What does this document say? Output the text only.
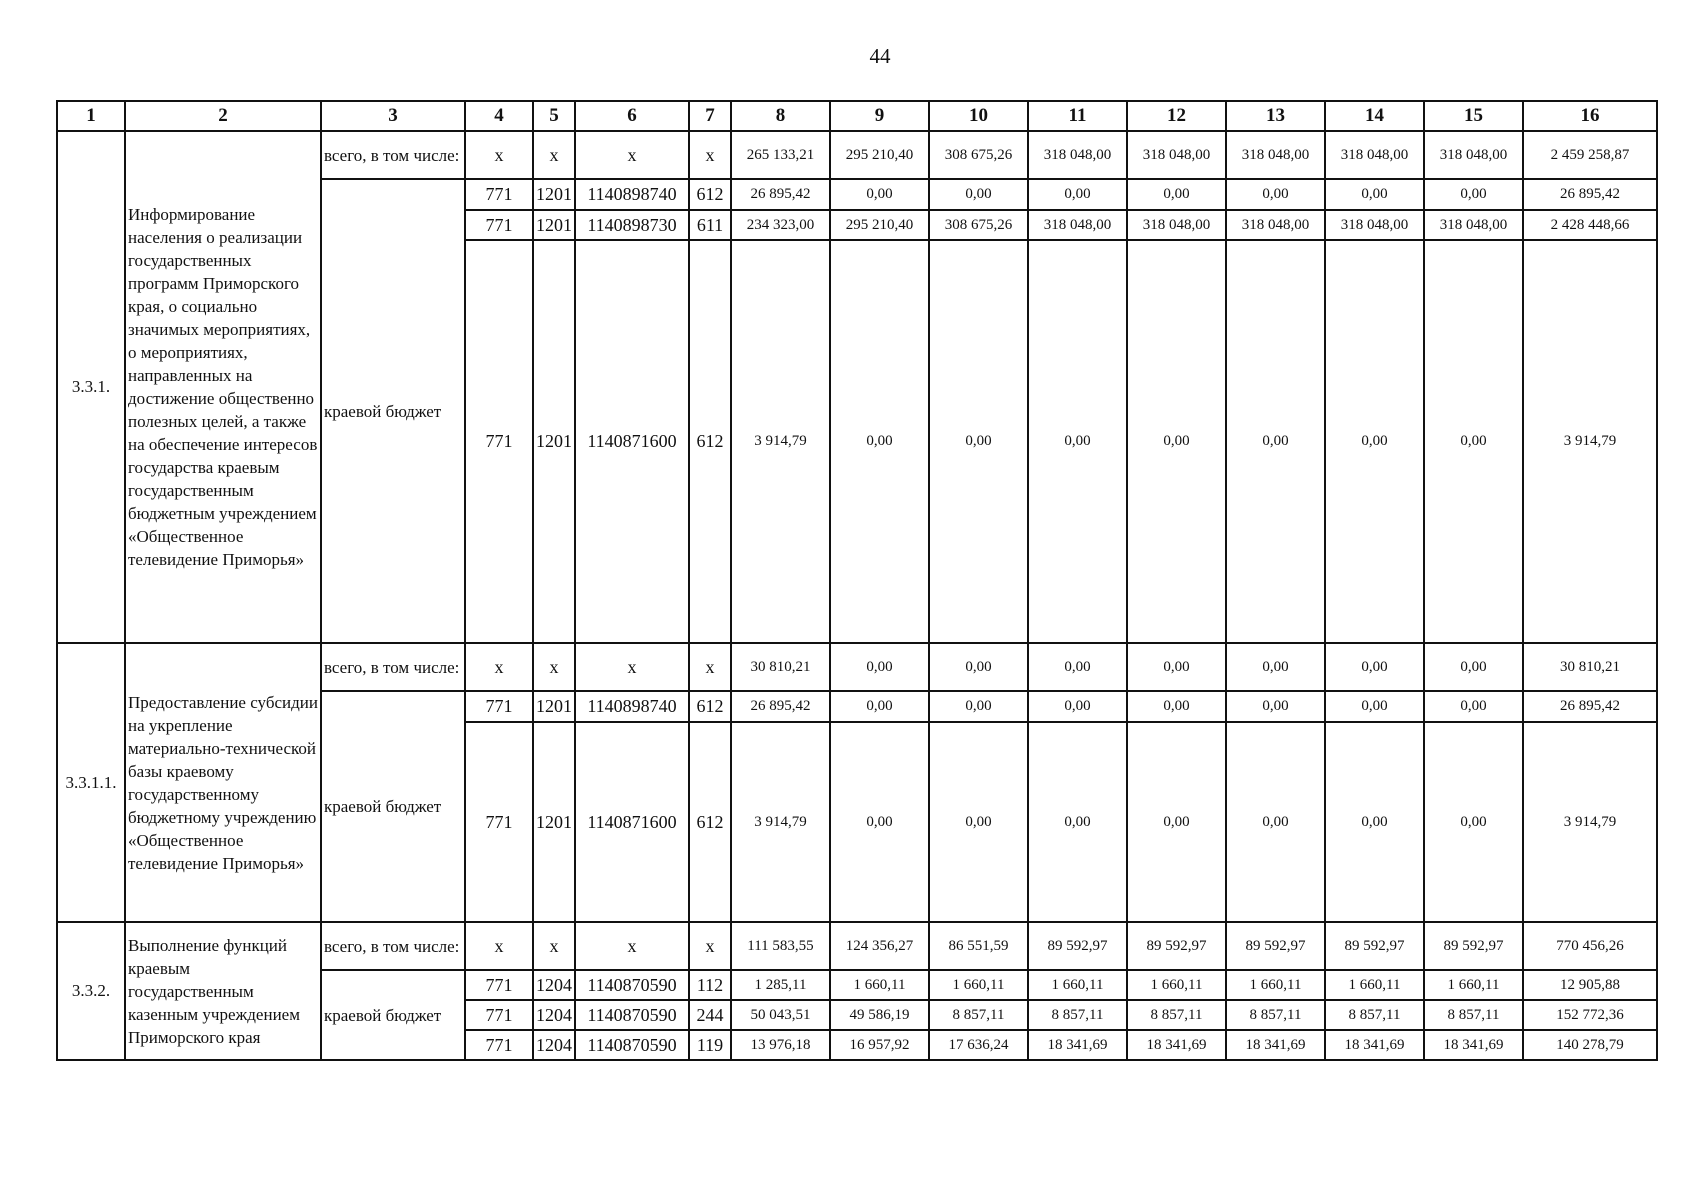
44
1	2	3	4	5	6	7	8	9	10	11	12	13	14	15	16
3.3.1.	Информирование населения о реализации государственных программ Приморского края, о социально значимых мероприятиях, о мероприятиях, направленных на достижение общественно полезных целей, а также на обеспечение интересов государства краевым государственным бюджетным учреждением «Общественное телевидение Приморья»	всего, в том числе:	x	x	x	x	265 133,21	295 210,40	308 675,26	318 048,00	318 048,00	318 048,00	318 048,00	318 048,00	2 459 258,87
		краевой бюджет	771	1201	1140898740	612	26 895,42	0,00	0,00	0,00	0,00	0,00	0,00	0,00	26 895,42
			771	1201	1140898730	611	234 323,00	295 210,40	308 675,26	318 048,00	318 048,00	318 048,00	318 048,00	318 048,00	2 428 448,66
			771	1201	1140871600	612	3 914,79	0,00	0,00	0,00	0,00	0,00	0,00	0,00	3 914,79
3.3.1.1.	Предоставление субсидии на укрепление материально-технической базы краевому государственному бюджетному учреждению «Общественное телевидение Приморья»	всего, в том числе:	x	x	x	x	30 810,21	0,00	0,00	0,00	0,00	0,00	0,00	0,00	30 810,21
		краевой бюджет	771	1201	1140898740	612	26 895,42	0,00	0,00	0,00	0,00	0,00	0,00	0,00	26 895,42
			771	1201	1140871600	612	3 914,79	0,00	0,00	0,00	0,00	0,00	0,00	0,00	3 914,79
3.3.2.	Выполнение функций краевым государственным казенным учреждением Приморского края	всего, в том числе:	x	x	x	x	111 583,55	124 356,27	86 551,59	89 592,97	89 592,97	89 592,97	89 592,97	89 592,97	770 456,26
		краевой бюджет	771	1204	1140870590	112	1 285,11	1 660,11	1 660,11	1 660,11	1 660,11	1 660,11	1 660,11	1 660,11	12 905,88
			771	1204	1140870590	244	50 043,51	49 586,19	8 857,11	8 857,11	8 857,11	8 857,11	8 857,11	8 857,11	152 772,36
			771	1204	1140870590	119	13 976,18	16 957,92	17 636,24	18 341,69	18 341,69	18 341,69	18 341,69	18 341,69	140 278,79
